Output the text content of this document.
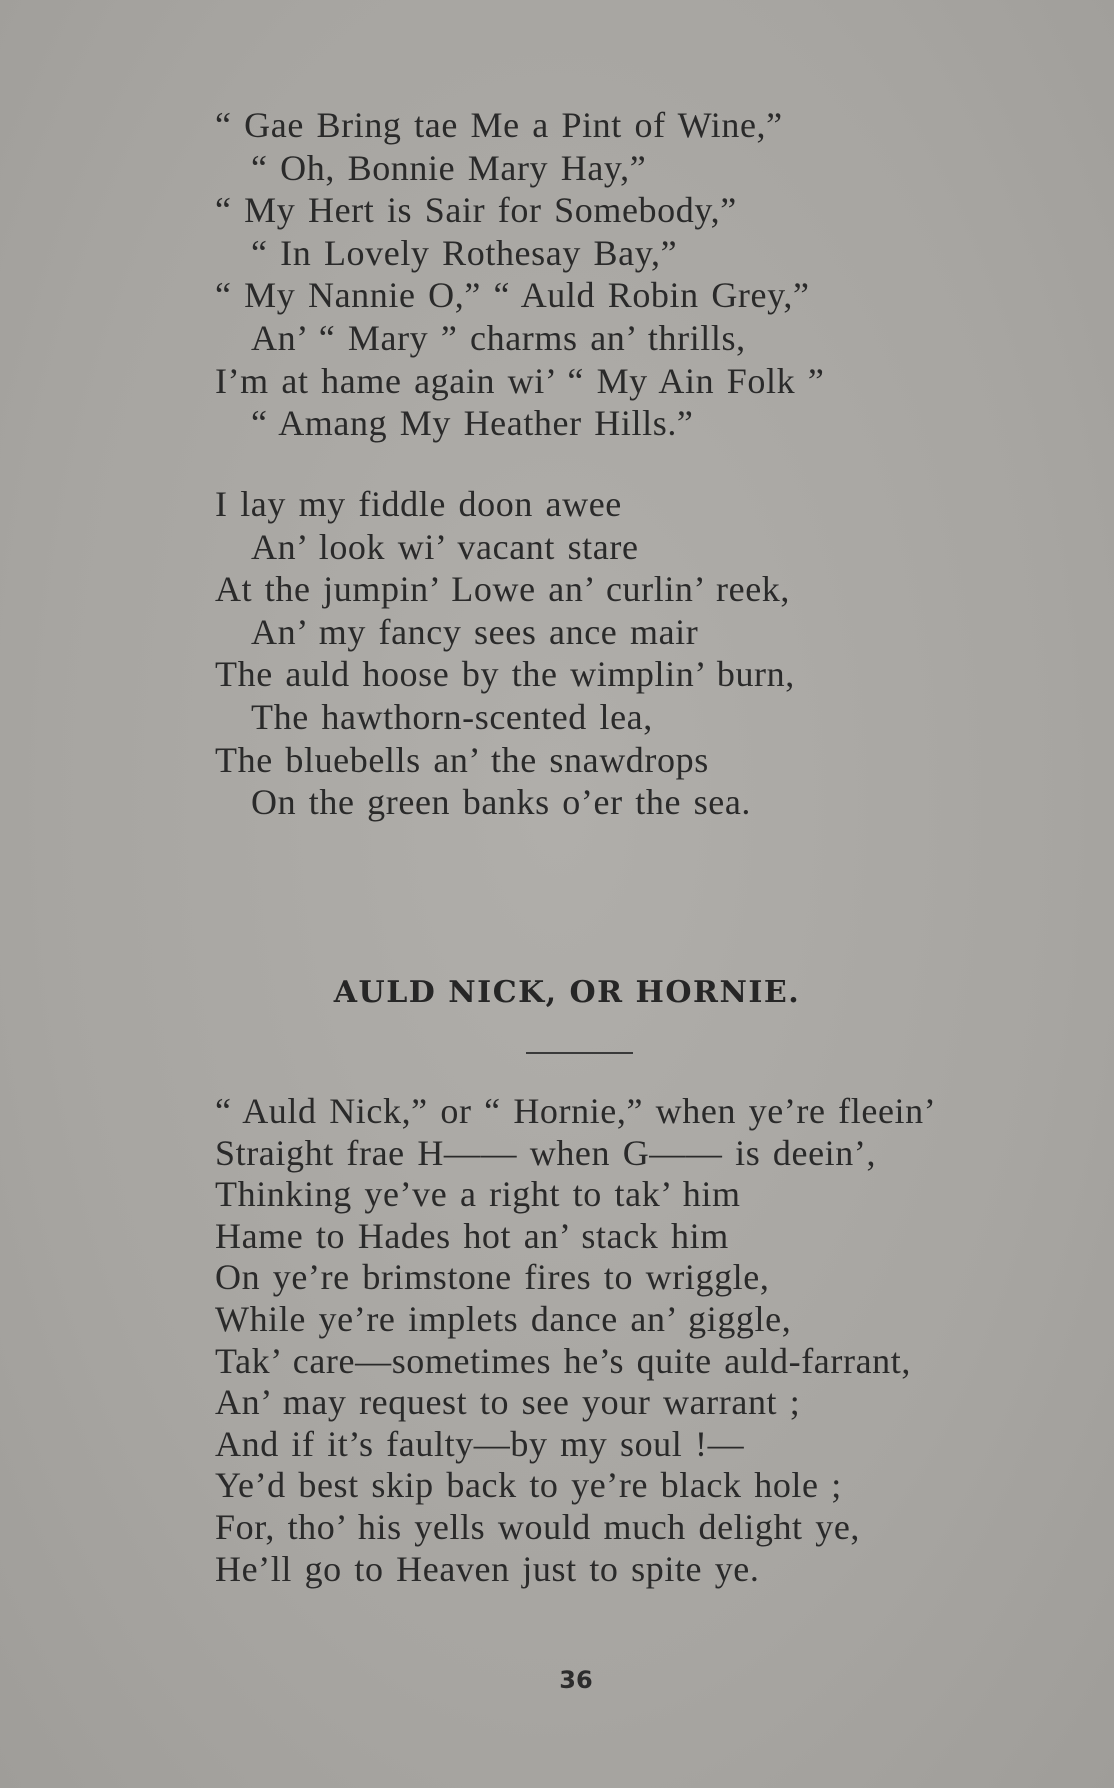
“ Gae Bring tae Me a Pint of Wine,”
“ Oh, Bonnie Mary Hay,”
“ My Hert is Sair for Somebody,”
“ In Lovely Rothesay Bay,”
“ My Nannie O,” “ Auld Robin Grey,”
An’ “ Mary ” charms an’ thrills,
I’m at hame again wi’ “ My Ain Folk ”
“ Amang My Heather Hills.”
I lay my fiddle doon awee
An’ look wi’ vacant stare
At the jumpin’ Lowe an’ curlin’ reek,
An’ my fancy sees ance mair
The auld hoose by the wimplin’ burn,
The hawthorn-scented lea,
The bluebells an’ the snawdrops
On the green banks o’er the sea.
AULD NICK, OR HORNIE.
“ Auld Nick,” or “ Hornie,” when ye’re fleein’
Straight frae H—— when G—— is deein’,
Thinking ye’ve a right to tak’ him
Hame to Hades hot an’ stack him
On ye’re brimstone fires to wriggle,
While ye’re implets dance an’ giggle,
Tak’ care—sometimes he’s quite auld-farrant,
An’ may request to see your warrant ;
And if it’s faulty—by my soul !—
Ye’d best skip back to ye’re black hole ;
For, tho’ his yells would much delight ye,
He’ll go to Heaven just to spite ye.
36
